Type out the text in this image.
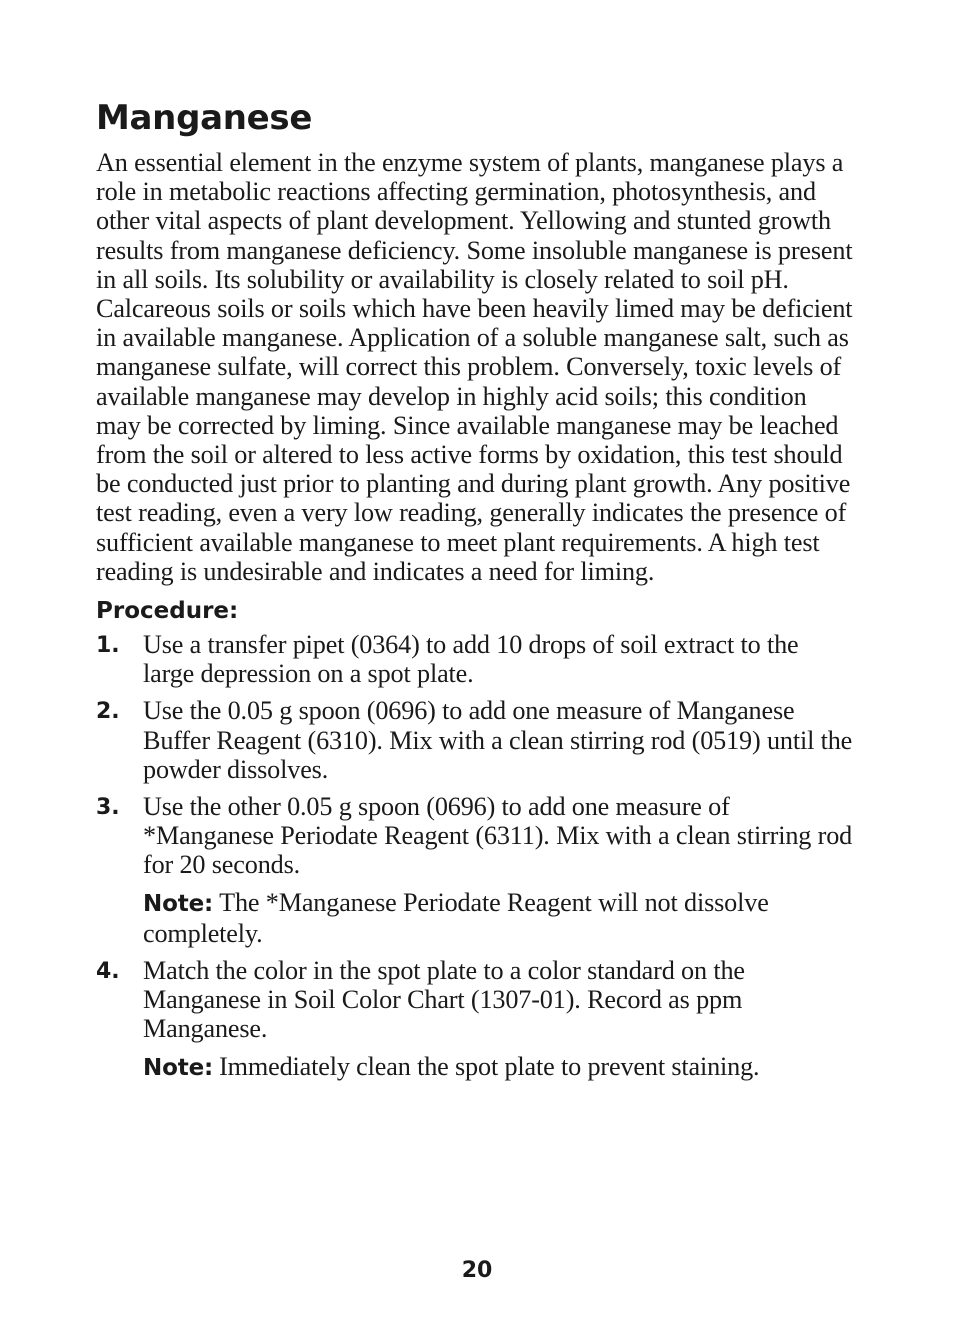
Manganese

An essential element in the enzyme system of plants, manganese plays a role in metabolic reactions affecting germination, photosynthesis, and other vital aspects of plant development. Yellowing and stunted growth results from manganese deficiency. Some insoluble manganese is present in all soils. Its solubility or availability is closely related to soil pH. Calcareous soils or soils which have been heavily limed may be deficient in available manganese. Application of a soluble manganese salt, such as manganese sulfate, will correct this problem. Conversely, toxic levels of available manganese may develop in highly acid soils; this condition may be corrected by liming. Since available manganese may be leached from the soil or altered to less active forms by oxidation, this test should be conducted just prior to planting and during plant growth. Any positive test reading, even a very low reading, generally indicates the presence of sufficient available manganese to meet plant requirements. A high test reading is undesirable and indicates a need for liming.

Procedure:
1. Use a transfer pipet (0364) to add 10 drops of soil extract to the large depression on a spot plate.
2. Use the 0.05 g spoon (0696) to add one measure of Manganese Buffer Reagent (6310). Mix with a clean stirring rod (0519) until the powder dissolves.
3. Use the other 0.05 g spoon (0696) to add one measure of *Manganese Periodate Reagent (6311). Mix with a clean stirring rod for 20 seconds.
Note: The *Manganese Periodate Reagent will not dissolve completely.
4. Match the color in the spot plate to a color standard on the Manganese in Soil Color Chart (1307-01). Record as ppm Manganese.
Note: Immediately clean the spot plate to prevent staining.
20
